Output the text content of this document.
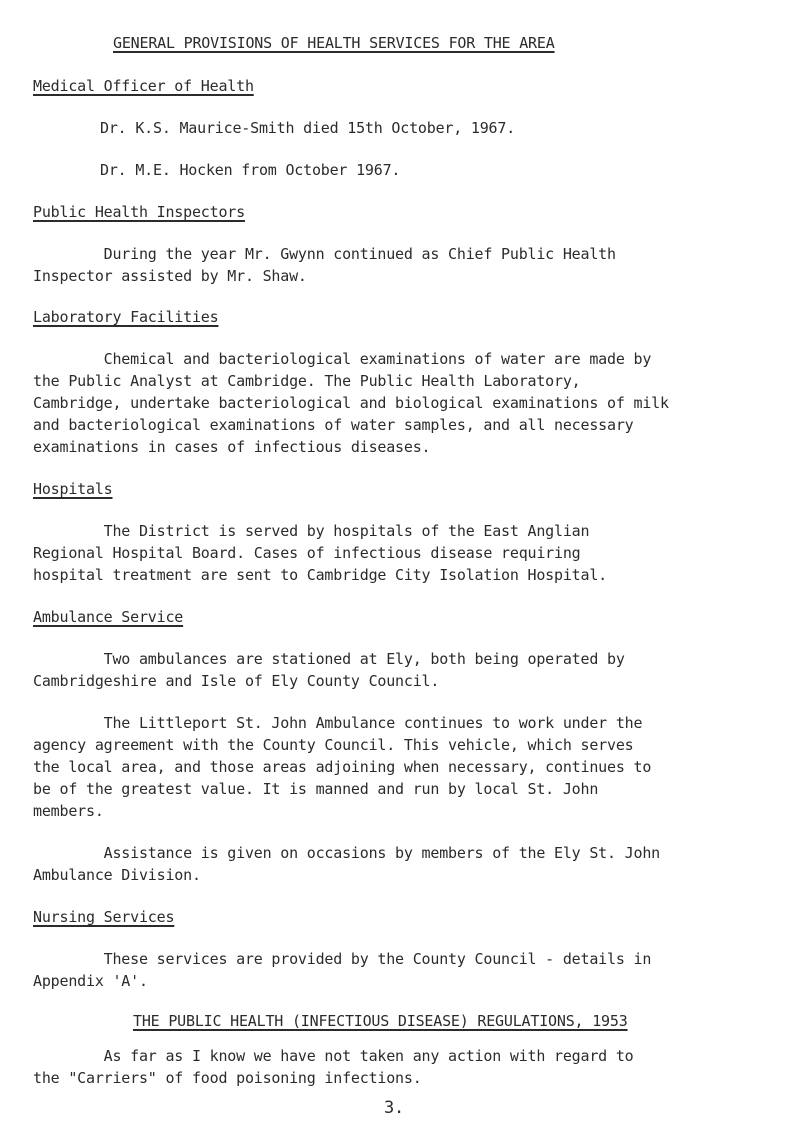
GENERAL PROVISIONS OF HEALTH SERVICES FOR THE AREA
Medical Officer of Health
Dr. K.S. Maurice-Smith died 15th October, 1967.
Dr. M.E. Hocken from October 1967.
Public Health Inspectors
During the year Mr. Gwynn continued as Chief Public Health
Inspector assisted by Mr. Shaw.
Laboratory Facilities
Chemical and bacteriological examinations of water are made by
the Public Analyst at Cambridge. The Public Health Laboratory,
Cambridge, undertake bacteriological and biological examinations of milk
and bacteriological examinations of water samples, and all necessary
examinations in cases of infectious diseases.
Hospitals
The District is served by hospitals of the East Anglian
Regional Hospital Board. Cases of infectious disease requiring
hospital treatment are sent to Cambridge City Isolation Hospital.
Ambulance Service
Two ambulances are stationed at Ely, both being operated by
Cambridgeshire and Isle of Ely County Council.
The Littleport St. John Ambulance continues to work under the
agency agreement with the County Council. This vehicle, which serves
the local area, and those areas adjoining when necessary, continues to
be of the greatest value. It is manned and run by local St. John
members.
Assistance is given on occasions by members of the Ely St. John
Ambulance Division.
Nursing Services
These services are provided by the County Council - details in
Appendix 'A'.
THE PUBLIC HEALTH (INFECTIOUS DISEASE) REGULATIONS, 1953
As far as I know we have not taken any action with regard to
the "Carriers" of food poisoning infections.
3.
